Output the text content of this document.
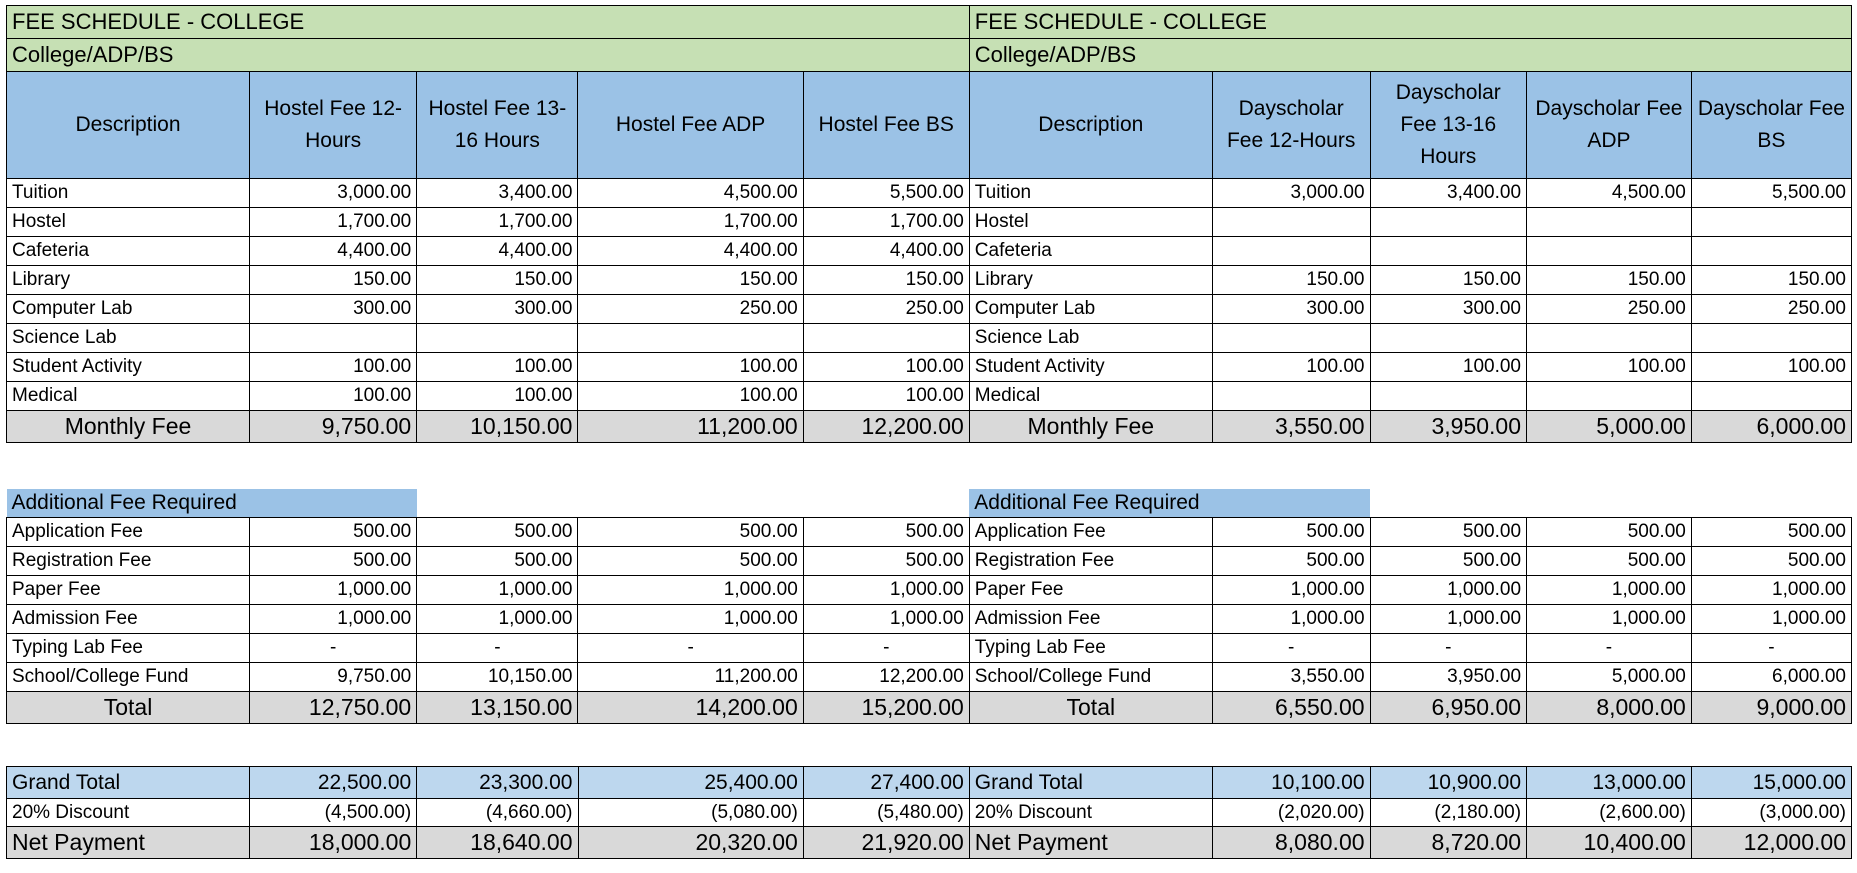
FEE SCHEDULE - COLLEGE					FEE SCHEDULE - COLLEGE				
College/ADP/BS					College/ADP/BS				
Description	Hostel Fee 12-Hours	Hostel Fee 13-16 Hours	Hostel Fee ADP	Hostel Fee BS	Description	Dayscholar Fee 12-Hours	Dayscholar Fee 13-16 Hours	Dayscholar Fee ADP	Dayscholar Fee BS
Tuition	3,000.00	3,400.00	4,500.00	5,500.00	Tuition	3,000.00	3,400.00	4,500.00	5,500.00
Hostel	1,700.00	1,700.00	1,700.00	1,700.00	Hostel				
Cafeteria	4,400.00	4,400.00	4,400.00	4,400.00	Cafeteria				
Library	150.00	150.00	150.00	150.00	Library	150.00	150.00	150.00	150.00
Computer Lab	300.00	300.00	250.00	250.00	Computer Lab	300.00	300.00	250.00	250.00
Science Lab					Science Lab				
Student Activity	100.00	100.00	100.00	100.00	Student Activity	100.00	100.00	100.00	100.00
Medical	100.00	100.00	100.00	100.00	Medical				
Monthly Fee	9,750.00	10,150.00	11,200.00	12,200.00	Monthly Fee	3,550.00	3,950.00	5,000.00	6,000.00
Additional Fee Required					Additional Fee Required				
Application Fee	500.00	500.00	500.00	500.00	Application Fee	500.00	500.00	500.00	500.00
Registration Fee	500.00	500.00	500.00	500.00	Registration Fee	500.00	500.00	500.00	500.00
Paper Fee	1,000.00	1,000.00	1,000.00	1,000.00	Paper Fee	1,000.00	1,000.00	1,000.00	1,000.00
Admission Fee	1,000.00	1,000.00	1,000.00	1,000.00	Admission Fee	1,000.00	1,000.00	1,000.00	1,000.00
Typing Lab Fee	-	-	-	-	Typing Lab Fee	-	-	-	-
School/College Fund	9,750.00	10,150.00	11,200.00	12,200.00	School/College Fund	3,550.00	3,950.00	5,000.00	6,000.00
Total	12,750.00	13,150.00	14,200.00	15,200.00	Total	6,550.00	6,950.00	8,000.00	9,000.00
Grand Total	22,500.00	23,300.00	25,400.00	27,400.00	Grand Total	10,100.00	10,900.00	13,000.00	15,000.00
20% Discount	(4,500.00)	(4,660.00)	(5,080.00)	(5,480.00)	20% Discount	(2,020.00)	(2,180.00)	(2,600.00)	(3,000.00)
Net Payment	18,000.00	18,640.00	20,320.00	21,920.00	Net Payment	8,080.00	8,720.00	10,400.00	12,000.00
